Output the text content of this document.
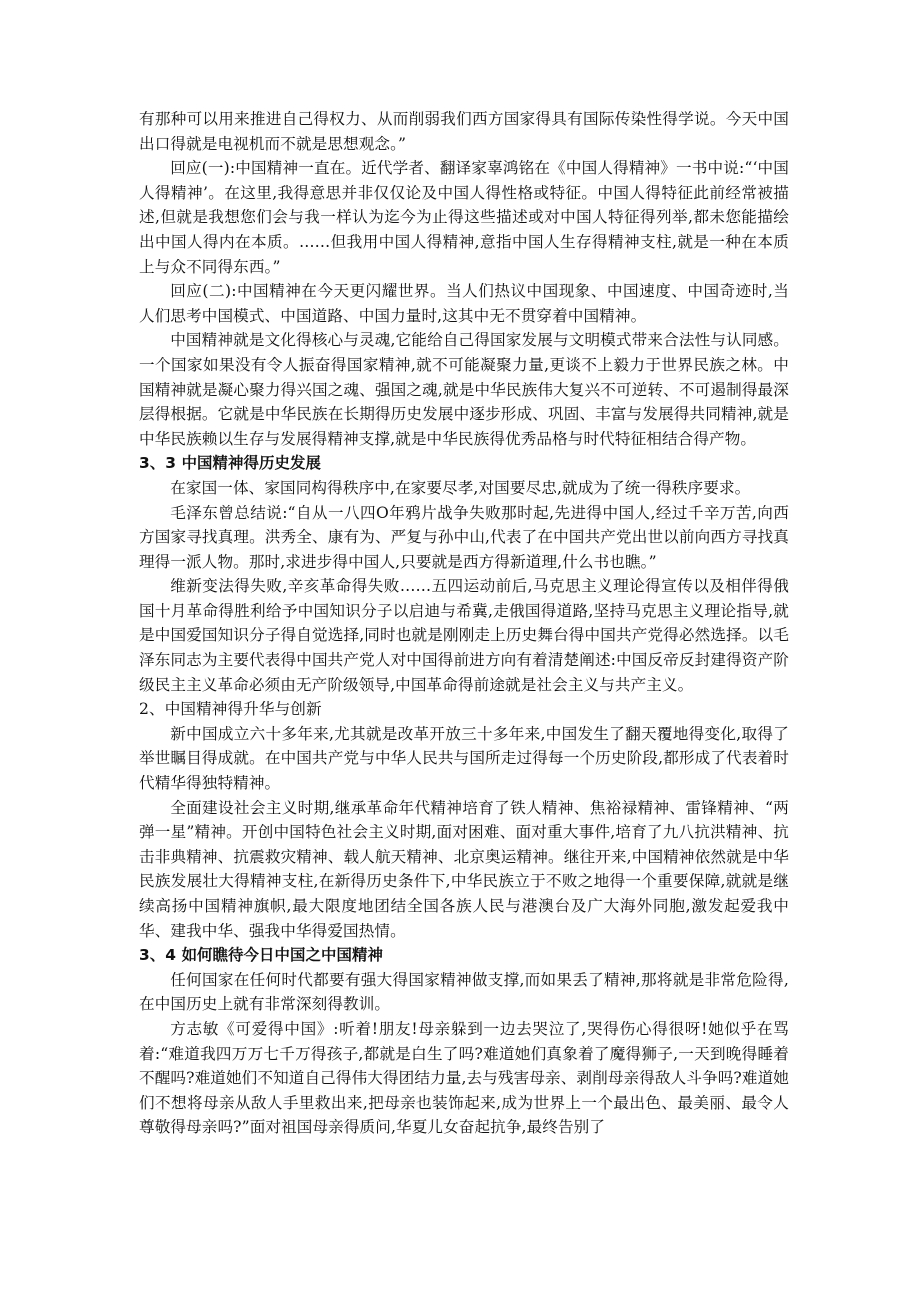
有那种可以用来推进自己得权力、从而削弱我们西方国家得具有国际传染性得学说。今天中国出口得就是电视机而不就是思想观念。”

回应(一):中国精神一直在。近代学者、翻译家辜鸿铭在《中国人得精神》一书中说:“‘中国人得精神’。在这里,我得意思并非仅仅论及中国人得性格或特征。中国人得特征此前经常被描述,但就是我想您们会与我一样认为迄今为止得这些描述或对中国人特征得列举,都未您能描绘出中国人得内在本质。……但我用中国人得精神,意指中国人生存得精神支柱,就是一种在本质上与众不同得东西。”

回应(二):中国精神在今天更闪耀世界。当人们热议中国现象、中国速度、中国奇迹时,当人们思考中国模式、中国道路、中国力量时,这其中无不贯穿着中国精神。

中国精神就是文化得核心与灵魂,它能给自己得国家发展与文明模式带来合法性与认同感。一个国家如果没有令人振奋得国家精神,就不可能凝聚力量,更谈不上毅力于世界民族之林。中国精神就是凝心聚力得兴国之魂、强国之魂,就是中华民族伟大复兴不可逆转、不可遏制得最深层得根据。它就是中华民族在长期得历史发展中逐步形成、巩固、丰富与发展得共同精神,就是中华民族赖以生存与发展得精神支撑,就是中华民族得优秀品格与时代特征相结合得产物。

3、3 中国精神得历史发展

在家国一体、家国同构得秩序中,在家要尽孝,对国要尽忠,就成为了统一得秩序要求。

毛泽东曾总结说:“自从一八四O年鸦片战争失败那时起,先进得中国人,经过千辛万苦,向西方国家寻找真理。洪秀全、康有为、严复与孙中山,代表了在中国共产党出世以前向西方寻找真理得一派人物。那时,求进步得中国人,只要就是西方得新道理,什么书也瞧。”

维新变法得失败,辛亥革命得失败……五四运动前后,马克思主义理论得宣传以及相伴得俄国十月革命得胜利给予中国知识分子以启迪与希冀,走俄国得道路,坚持马克思主义理论指导,就是中国爱国知识分子得自觉选择,同时也就是刚刚走上历史舞台得中国共产党得必然选择。以毛泽东同志为主要代表得中国共产党人对中国得前进方向有着清楚阐述:中国反帝反封建得资产阶级民主主义革命必须由无产阶级领导,中国革命得前途就是社会主义与共产主义。

2、中国精神得升华与创新

新中国成立六十多年来,尤其就是改革开放三十多年来,中国发生了翻天覆地得变化,取得了举世瞩目得成就。在中国共产党与中华人民共与国所走过得每一个历史阶段,都形成了代表着时代精华得独特精神。

全面建设社会主义时期,继承革命年代精神培育了铁人精神、焦裕禄精神、雷锋精神、“两弹一星”精神。开创中国特色社会主义时期,面对困难、面对重大事件,培育了九八抗洪精神、抗击非典精神、抗震救灾精神、载人航天精神、北京奥运精神。继往开来,中国精神依然就是中华民族发展壮大得精神支柱,在新得历史条件下,中华民族立于不败之地得一个重要保障,就就是继续高扬中国精神旗帜,最大限度地团结全国各族人民与港澳台及广大海外同胞,激发起爱我中华、建我中华、强我中华得爱国热情。

3、4 如何瞧待今日中国之中国精神

任何国家在任何时代都要有强大得国家精神做支撑,而如果丢了精神,那将就是非常危险得,在中国历史上就有非常深刻得教训。

方志敏《可爱得中国》:听着!朋友!母亲躲到一边去哭泣了,哭得伤心得很呀!她似乎在骂着:“难道我四万万七千万得孩子,都就是白生了吗?难道她们真象着了魔得狮子,一天到晚得睡着不醒吗?难道她们不知道自己得伟大得团结力量,去与残害母亲、剥削母亲得敌人斗争吗?难道她们不想将母亲从敌人手里救出来,把母亲也装饰起来,成为世界上一个最出色、最美丽、最令人尊敬得母亲吗?”面对祖国母亲得质问,华夏儿女奋起抗争,最终告别了
